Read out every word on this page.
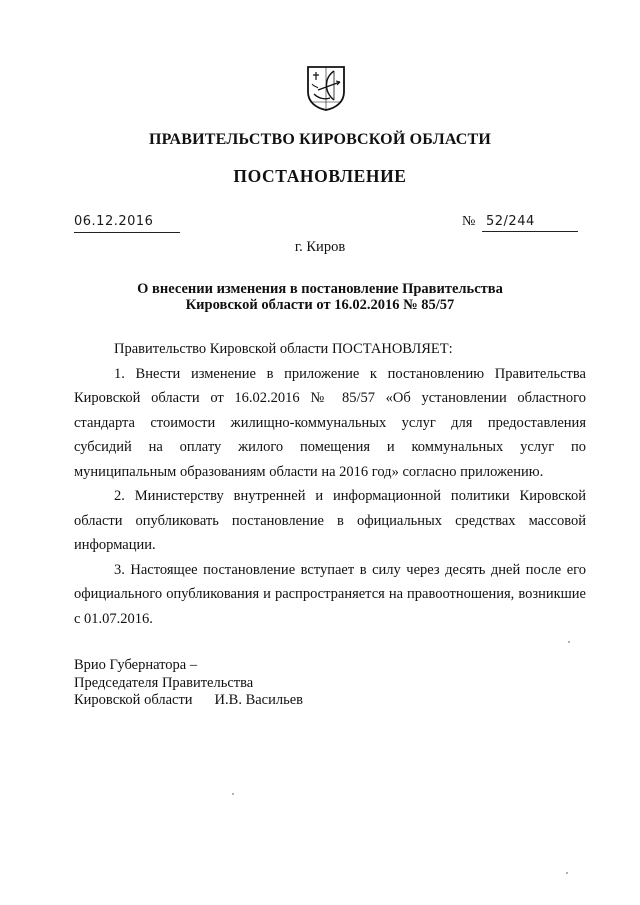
ПРАВИТЕЛЬСТВО КИРОВСКОЙ ОБЛАСТИ
ПОСТАНОВЛЕНИЕ
06.12.2016	№ 52/244
г. Киров
О внесении изменения в постановление Правительства
Кировской области от 16.02.2016 № 85/57

Правительство Кировской области ПОСТАНОВЛЯЕТ:

1. Внести изменение в приложение к постановлению Правительства Кировской области от 16.02.2016 № 85/57 «Об установлении областного стандарта стоимости жилищно-коммунальных услуг для предоставления субсидий на оплату жилого помещения и коммунальных услуг по муниципальным образованиям области на 2016 год» согласно приложению.

2. Министерству внутренней и информационной политики Кировской области опубликовать постановление в официальных средствах массовой информации.

3. Настоящее постановление вступает в силу через десять дней после его официального опубликования и распространяется на правоотношения, возникшие с 01.07.2016.

Врио Губернатора –
Председателя Правительства
Кировской области И.В. Васильев
